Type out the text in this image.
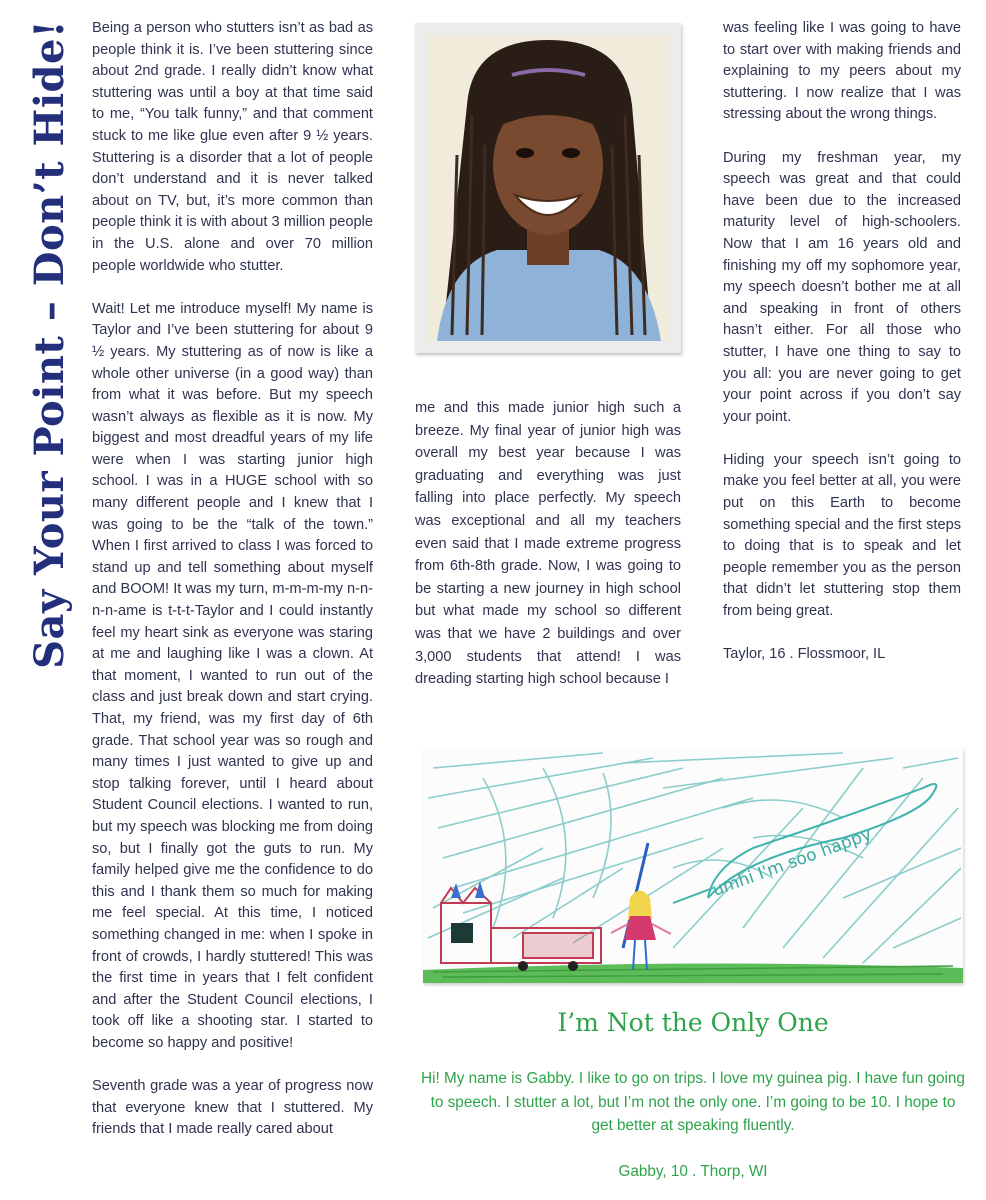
Say Your Point – Don’t Hide! Being a person who stutters isn’t as bad as people think it is. I’ve been stuttering since about 2nd grade. I really didn’t know what stuttering was until a boy at that time said to me, “You talk funny,” and that comment stuck to me like glue even after 9 ½ years. Stuttering is a disorder that a lot of people don’t understand and it is never talked about on TV, but, it’s more common than people think it is with about 3 million people in the U.S. alone and over 70 million people worldwide who stutter.

Wait! Let me introduce myself! My name is Taylor and I’ve been stuttering for about 9 ½ years. My stuttering as of now is like a whole other universe (in a good way) than from what it was before. But my speech wasn’t always as flexible as it is now. My biggest and most dreadful years of my life were when I was starting junior high school. I was in a HUGE school with so many different people and I knew that I was going to be the “talk of the town.” When I first arrived to class I was forced to stand up and tell something about myself and BOOM! It was my turn, m-m-m-my n-n-n-n-ame is t-t-t-Taylor and I could instantly feel my heart sink as everyone was staring at me and laughing like I was a clown. At that moment, I wanted to run out of the class and just break down and start crying. That, my friend, was my first day of 6th grade. That school year was so rough and many times I just wanted to give up and stop talking forever, until I heard about Student Council elections. I wanted to run, but my speech was blocking me from doing so, but I finally got the guts to run. My family helped give me the confidence to do this and I thank them so much for making me feel special. At this time, I noticed something changed in me: when I spoke in front of crowds, I hardly stuttered! This was the first time in years that I felt confident and after the Student Council elections, I took off like a shooting star. I started to become so happy and positive!

Seventh grade was a year of progress now that everyone knew that I stuttered. My friends that I made really cared about

me and this made junior high such a breeze. My final year of junior high was overall my best year because I was graduating and everything was just falling into place perfectly. My speech was exceptional and all my teachers even said that I made extreme progress from 6th-8th grade. Now, I was going to be starting a new journey in high school but what made my school so different was that we have 2 buildings and over 3,000 students that attend! I was dreading starting high school because I

was feeling like I was going to have to start over with making friends and explaining to my peers about my stuttering. I now realize that I was stressing about the wrong things.

During my freshman year, my speech was great and that could have been due to the increased maturity level of high-schoolers. Now that I am 16 years old and finishing my off my sophomore year, my speech doesn’t bother me at all and speaking in front of others hasn’t either. For all those who stutter, I have one thing to say to you all: you are never going to get your point across if you don’t say your point.

Hiding your speech isn’t going to make you feel better at all, you were put on this Earth to become something special and the first steps to doing that is to speak and let people remember you as the person that didn’t let stuttering stop them from being great.

Taylor, 16 . Flossmoor, IL

umhi I'm soo happy
I’m Not the Only One
Hi! My name is Gabby. I like to go on trips. I love my guinea pig. I have fun going to speech. I stutter a lot, but I’m not the only one. I’m going to be 10. I hope to get better at speaking fluently.
Gabby, 10 . Thorp, WI
